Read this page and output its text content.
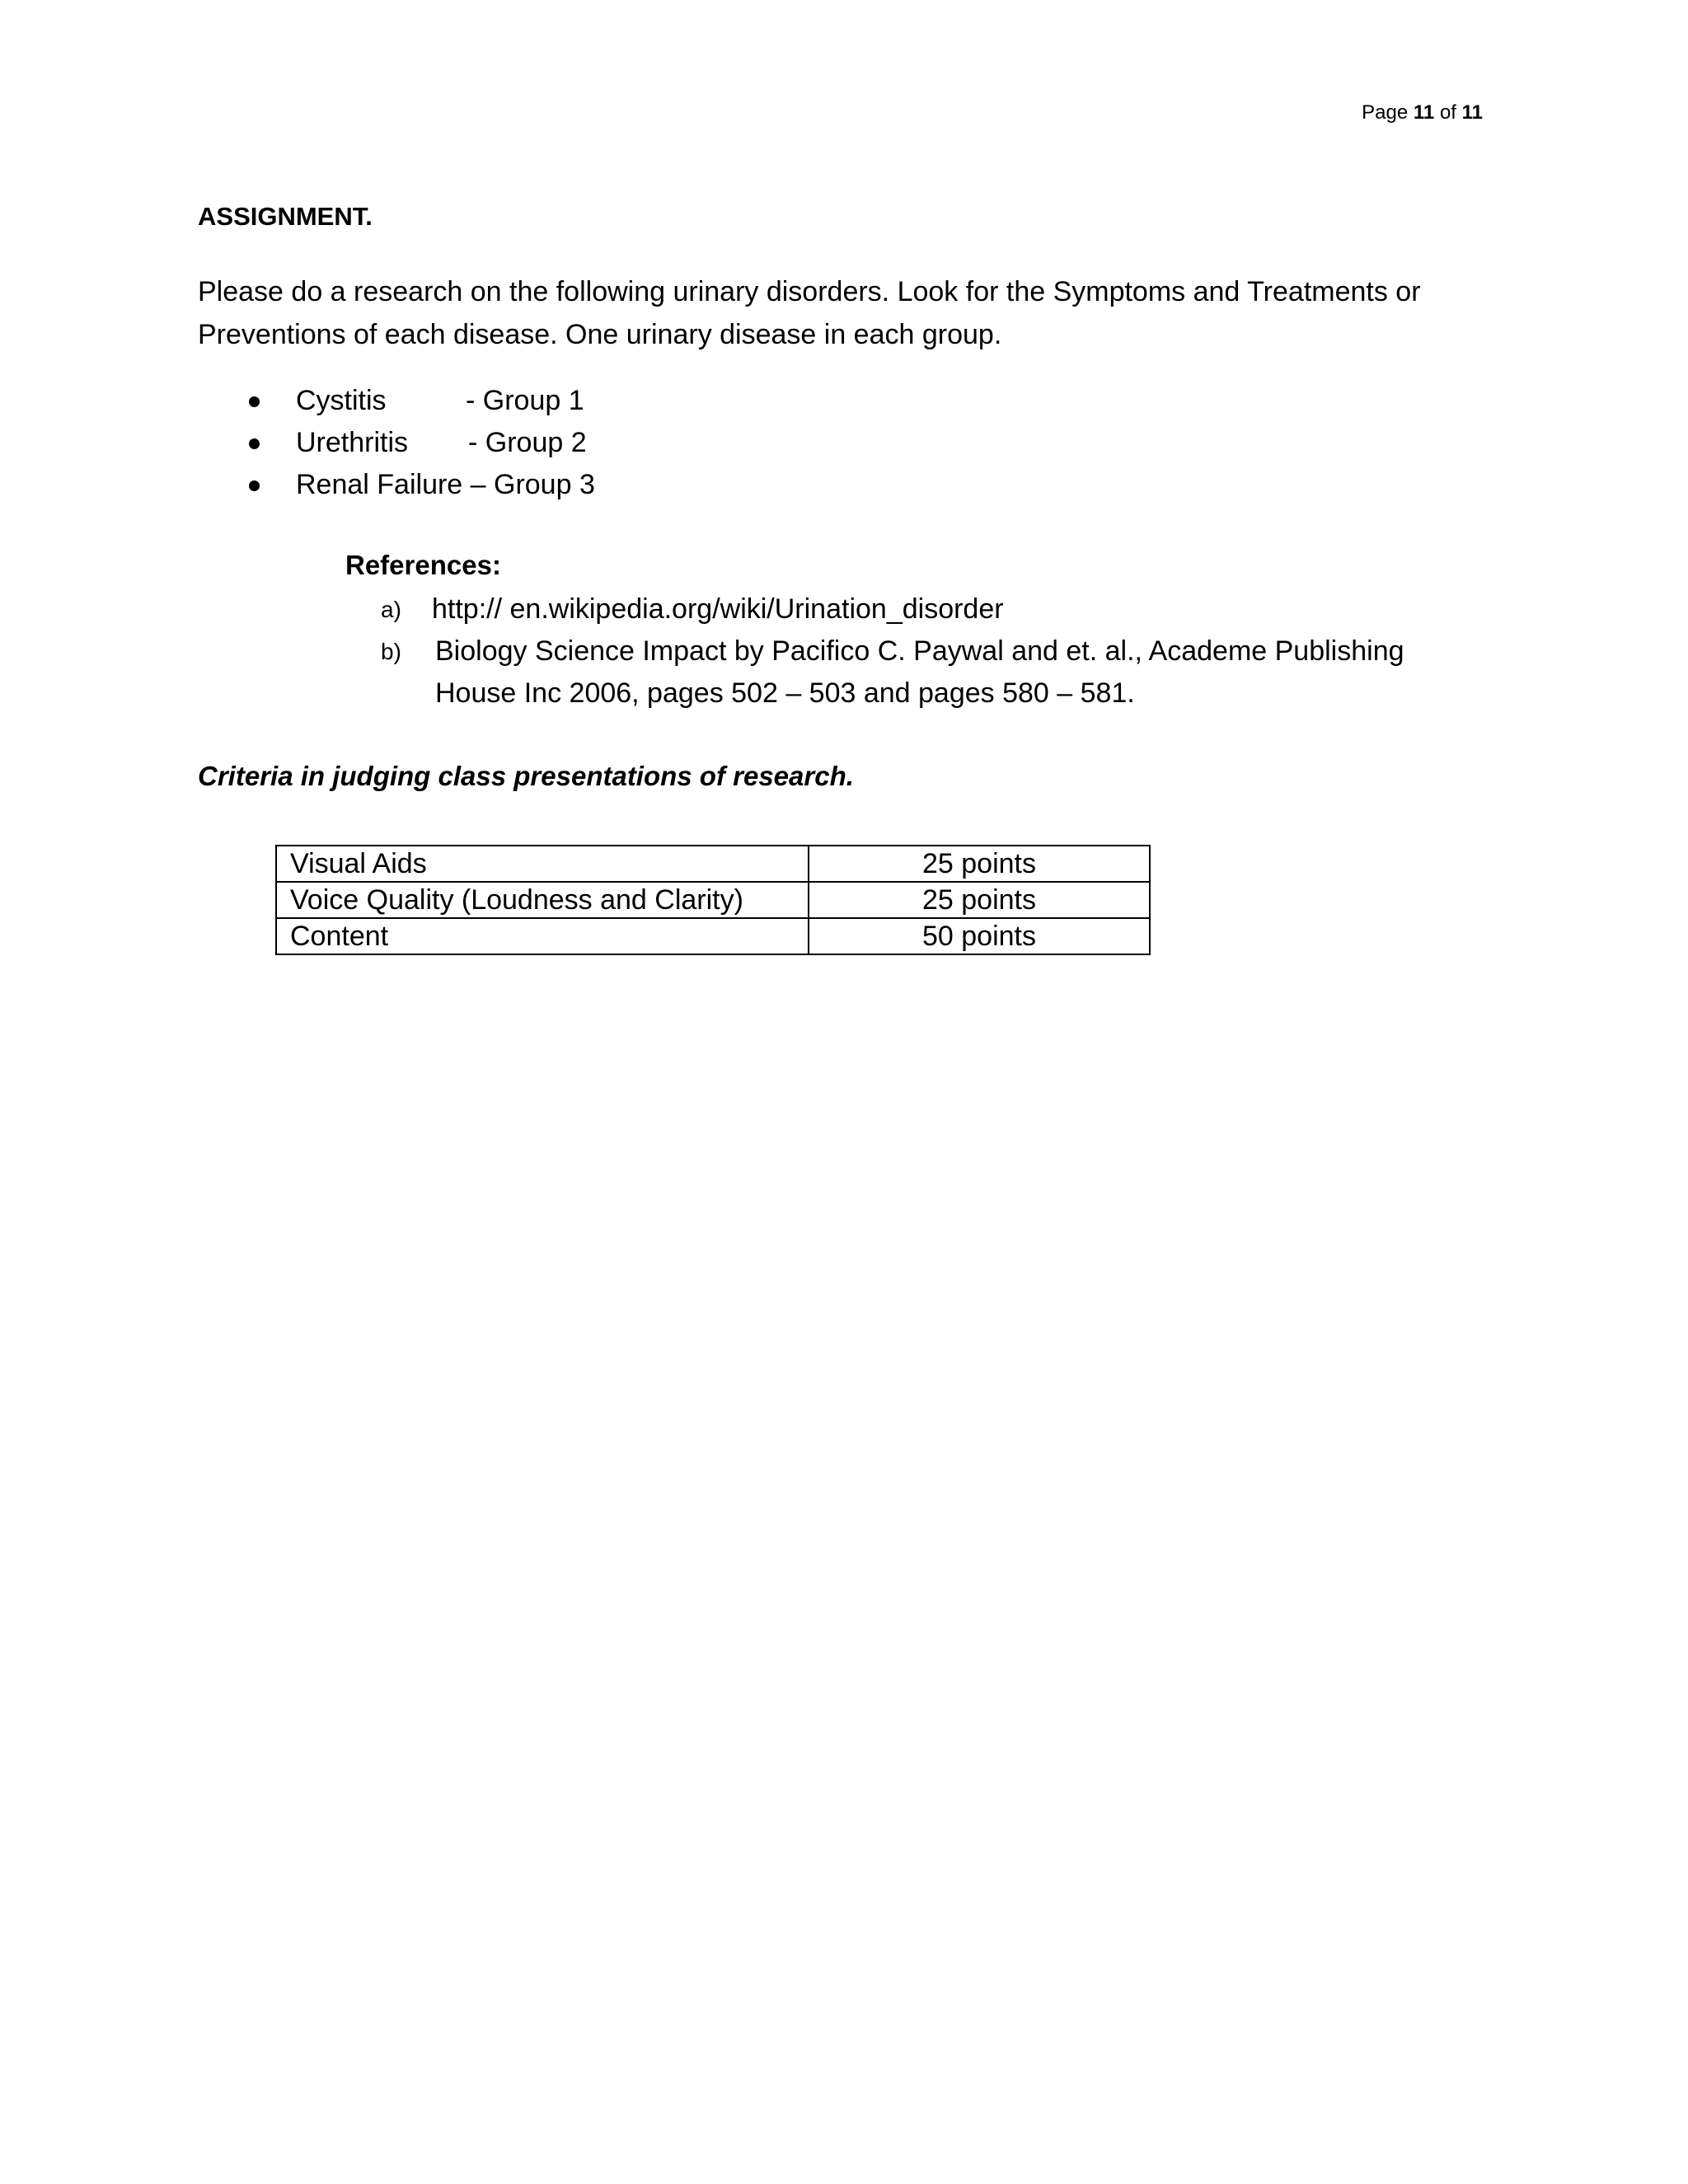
Page 11 of 11
ASSIGNMENT.

Please do a research on the following urinary disorders. Look for the Symptoms and Treatments or

Preventions of each disease. One urinary disease in each group.

Cystitis	- Group 1
Urethritis - Group 2
Renal Failure – Group 3
References:
a) http:// en.wikipedia.org/wiki/Urination_disorder
b) Biology Science Impact by Pacifico C. Paywal and et. al., Academe Publishing
House Inc 2006, pages 502 – 503 and pages 580 – 581.
Criteria in judging class presentations of research.
Visual Aids	25 points
Voice Quality (Loudness and Clarity)	25 points
Content	50 points
